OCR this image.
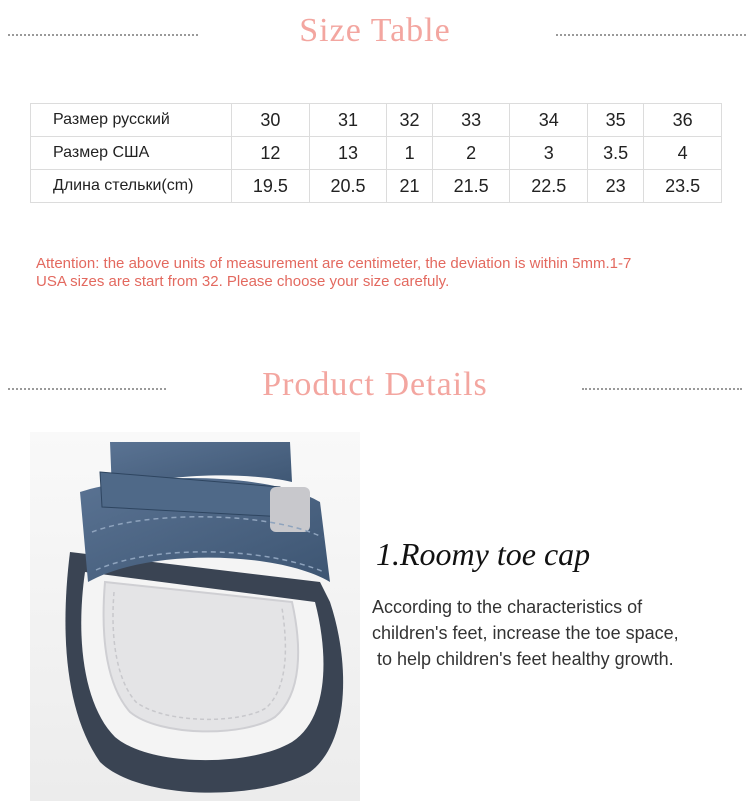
Size Table
Размер русский	30	31	32	33	34	35	36
Размер США	12	13	1	2	3	3.5	4
Длина стельки(cm)	19.5	20.5	21	21.5	22.5	23	23.5
Attention: the above units of measurement are centimeter, the deviation is within 5mm.1-7
USA sizes are start from 32. Please choose your size carefuly.
Product Details
1.Roomy toe cap
According to the characteristics of
children's feet, increase the toe space,
to help children's feet healthy growth.
